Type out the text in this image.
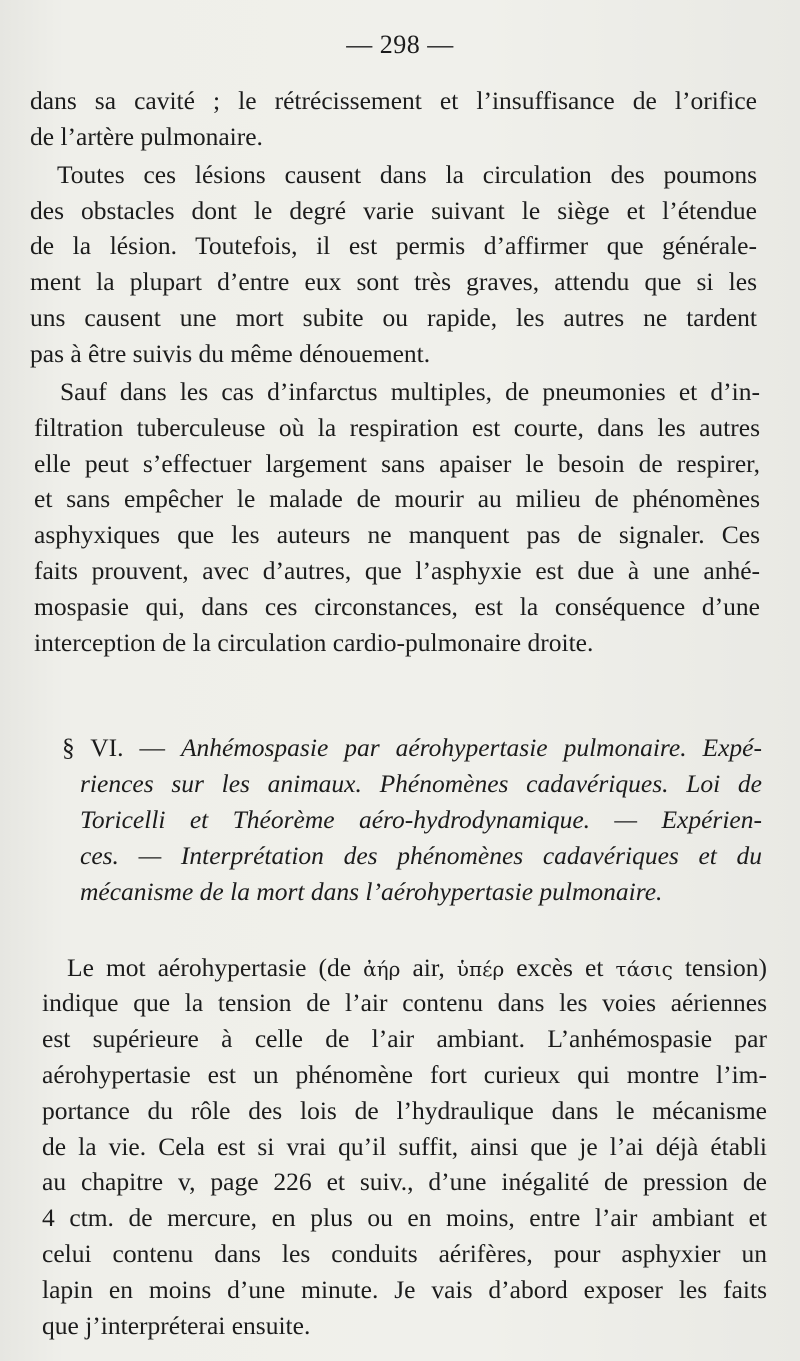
— 298 —
dans sa cavité ; le rétrécissement et l’insuffisance de l’orifice
de l’artère pulmonaire.
Toutes ces lésions causent dans la circulation des poumons
des obstacles dont le degré varie suivant le siège et l’étendue
de la lésion. Toutefois, il est permis d’affirmer que générale-
ment la plupart d’entre eux sont très graves, attendu que si les
uns causent une mort subite ou rapide, les autres ne tardent
pas à être suivis du même dénouement.
Sauf dans les cas d’infarctus multiples, de pneumonies et d’in-
filtration tuberculeuse où la respiration est courte, dans les autres
elle peut s’effectuer largement sans apaiser le besoin de respirer,
et sans empêcher le malade de mourir au milieu de phénomènes
asphyxiques que les auteurs ne manquent pas de signaler. Ces
faits prouvent, avec d’autres, que l’asphyxie est due à une anhé-
mospasie qui, dans ces circonstances, est la conséquence d’une
interception de la circulation cardio-pulmonaire droite.
§ VI. — Anhémospasie par aérohypertasie pulmonaire. Expé-
riences sur les animaux. Phénomènes cadavériques. Loi de
Toricelli et Théorème aéro-hydrodynamique. — Expérien-
ces. — Interprétation des phénomènes cadavériques et du
mécanisme de la mort dans l’aérohypertasie pulmonaire.
Le mot aérohypertasie (de ἀήρ air, ὑπέρ excès et τάσις tension)
indique que la tension de l’air contenu dans les voies aériennes
est supérieure à celle de l’air ambiant. L’anhémospasie par
aérohypertasie est un phénomène fort curieux qui montre l’im-
portance du rôle des lois de l’hydraulique dans le mécanisme
de la vie. Cela est si vrai qu’il suffit, ainsi que je l’ai déjà établi
au chapitre v, page 226 et suiv., d’une inégalité de pression de
4 ctm. de mercure, en plus ou en moins, entre l’air ambiant et
celui contenu dans les conduits aérifères, pour asphyxier un
lapin en moins d’une minute. Je vais d’abord exposer les faits
que j’interpréterai ensuite.
